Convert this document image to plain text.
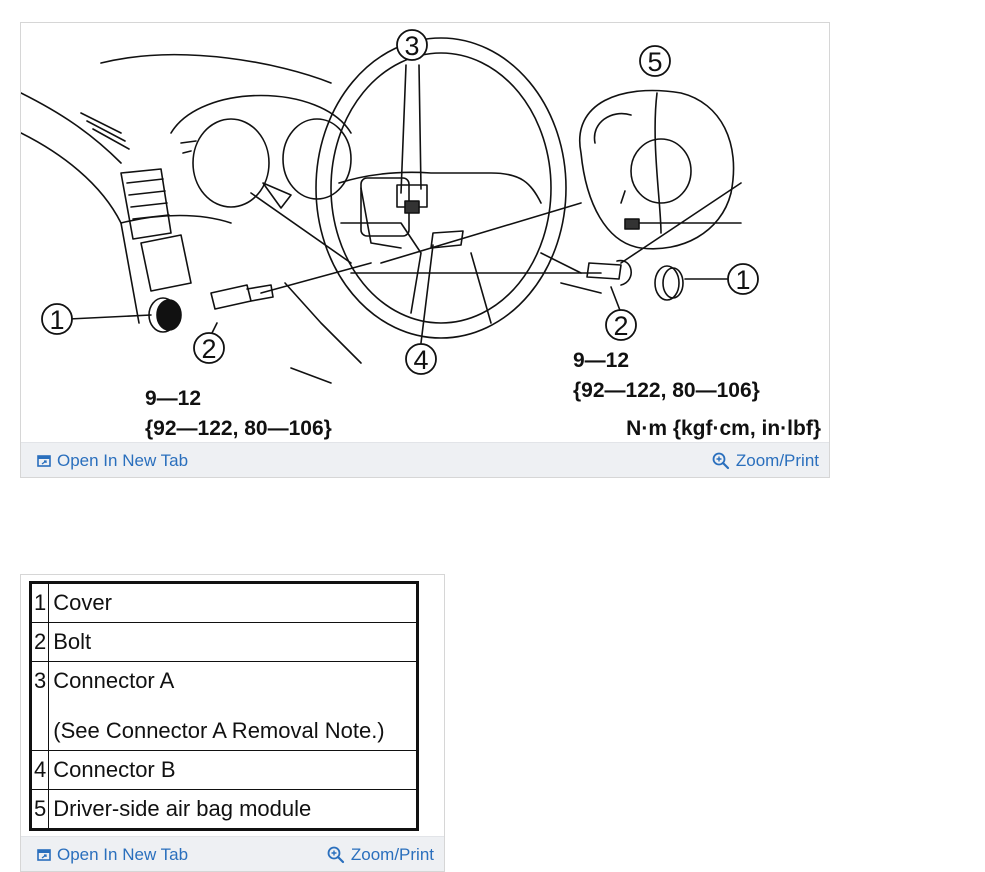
1
1
2
2
3
4
5
9—12
{92—122, 80—106}
9—12
{92—122, 80—106}
N·m {kgf·cm, in·lbf}
Open In New Tab	Zoom/Print
1	Cover
2	Bolt

3	Connector A
(See Connector A Removal Note.)

4	Connector B
5	Driver-side air bag module
Open In New Tab	Zoom/Print
